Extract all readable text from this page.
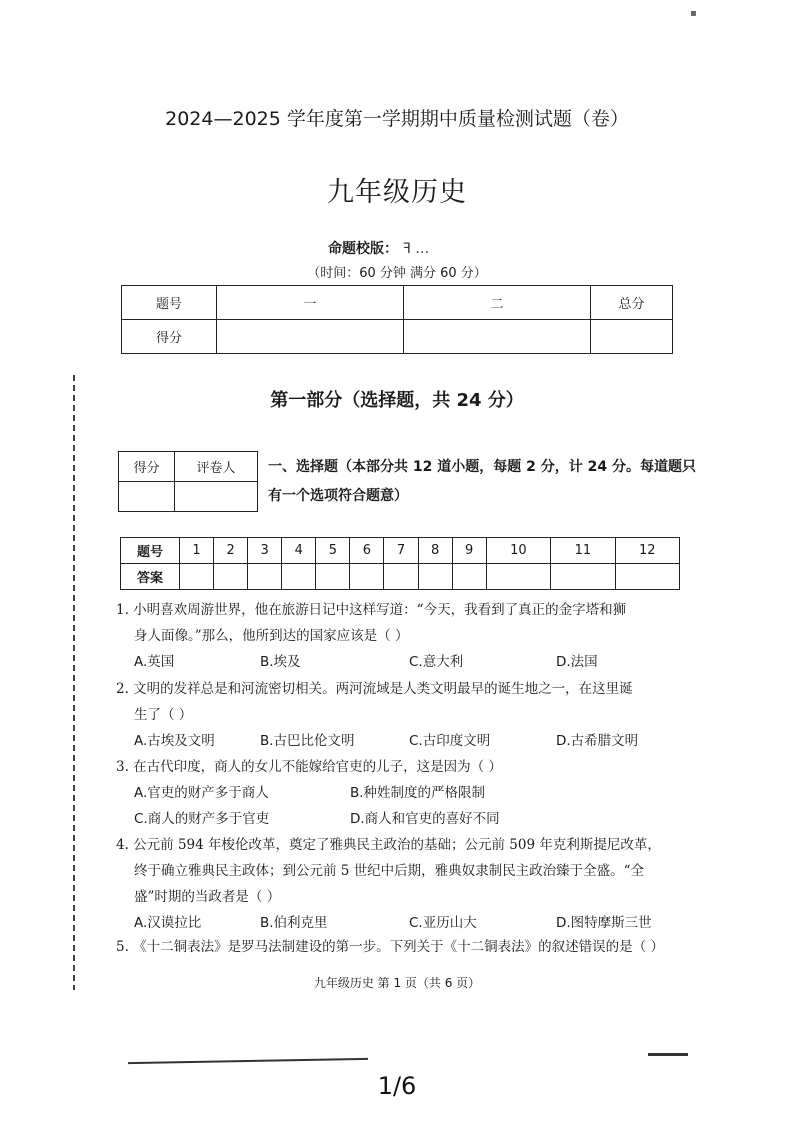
▪
2024—2025 学年度第一学期期中质量检测试题（卷）
九年级历史
命题校版： ꟻ .‥
（时间：60 分钟 满分 60 分）
题号	一	二	总分
得分			
第一部分（选择题，共 24 分）
得分	评卷人
	一、选择题（本部分共 12 道小题，每题 2 分，计 24 分。每道题只有一个选项符合题意）
题号	1	2	3	4	5	6	7	8	9	10	11	12
答案												
1. 小明喜欢周游世界，他在旅游日记中这样写道：“今天，我看到了真正的金字塔和狮
身人面像。”那么，他所到达的国家应该是（ ）
A.英国	B.埃及	C.意大利	D.法国
2. 文明的发祥总是和河流密切相关。两河流域是人类文明最早的诞生地之一，在这里诞
生了（ ）
A.古埃及文明	B.古巴比伦文明	C.古印度文明	D.古希腊文明
3. 在古代印度，商人的女儿不能嫁给官吏的儿子，这是因为（ ）
A.官吏的财产多于商人	B.种姓制度的严格限制
C.商人的财产多于官吏	D.商人和官吏的喜好不同
4. 公元前 594 年梭伦改革，奠定了雅典民主政治的基础；公元前 509 年克利斯提尼改革，
终于确立雅典民主政体；到公元前 5 世纪中后期，雅典奴隶制民主政治臻于全盛。“全
盛”时期的当政者是（ ）
A.汉谟拉比	B.伯利克里	C.亚历山大	D.图特摩斯三世
5. 《十二铜表法》是罗马法制建设的第一步。下列关于《十二铜表法》的叙述错误的是（ ）
九年级历史 第 1 页（共 6 页）
1/6
